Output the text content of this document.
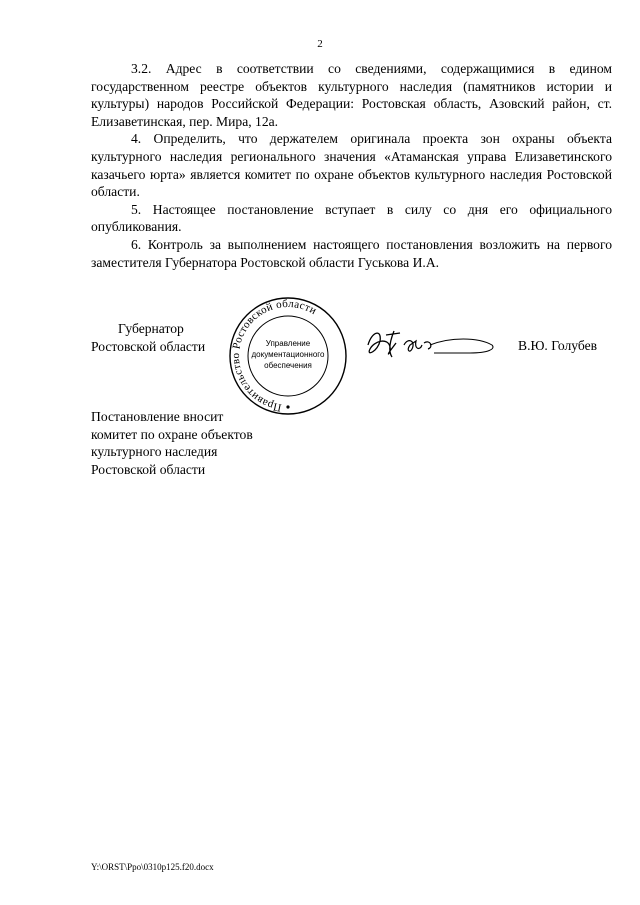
2

3.2. Адрес в соответствии со сведениями, содержащимися в едином государственном реестре объектов культурного наследия (памятников истории и культуры) народов Российской Федерации: Ростовская область, Азовский район, ст. Елизаветинская, пер. Мира, 12а.

4. Определить, что держателем оригинала проекта зон охраны объекта культурного наследия регионального значения «Атаманская управа Елизаветинского казачьего юрта» является комитет по охране объектов культурного наследия Ростовской области.

5. Настоящее постановление вступает в силу со дня его официального опубликования.

6. Контроль за выполнением настоящего постановления возложить на первого заместителя Губернатора Ростовской области Гуськова И.А.

Губернатор
Ростовской области
Правительство Ростовской области
Управление
документационного
обеспечения
В.Ю. Голубев
Постановление вносит
комитет по охране объектов
культурного наследия
Ростовской области
Y:\ORST\Ppo\0310p125.f20.docx
